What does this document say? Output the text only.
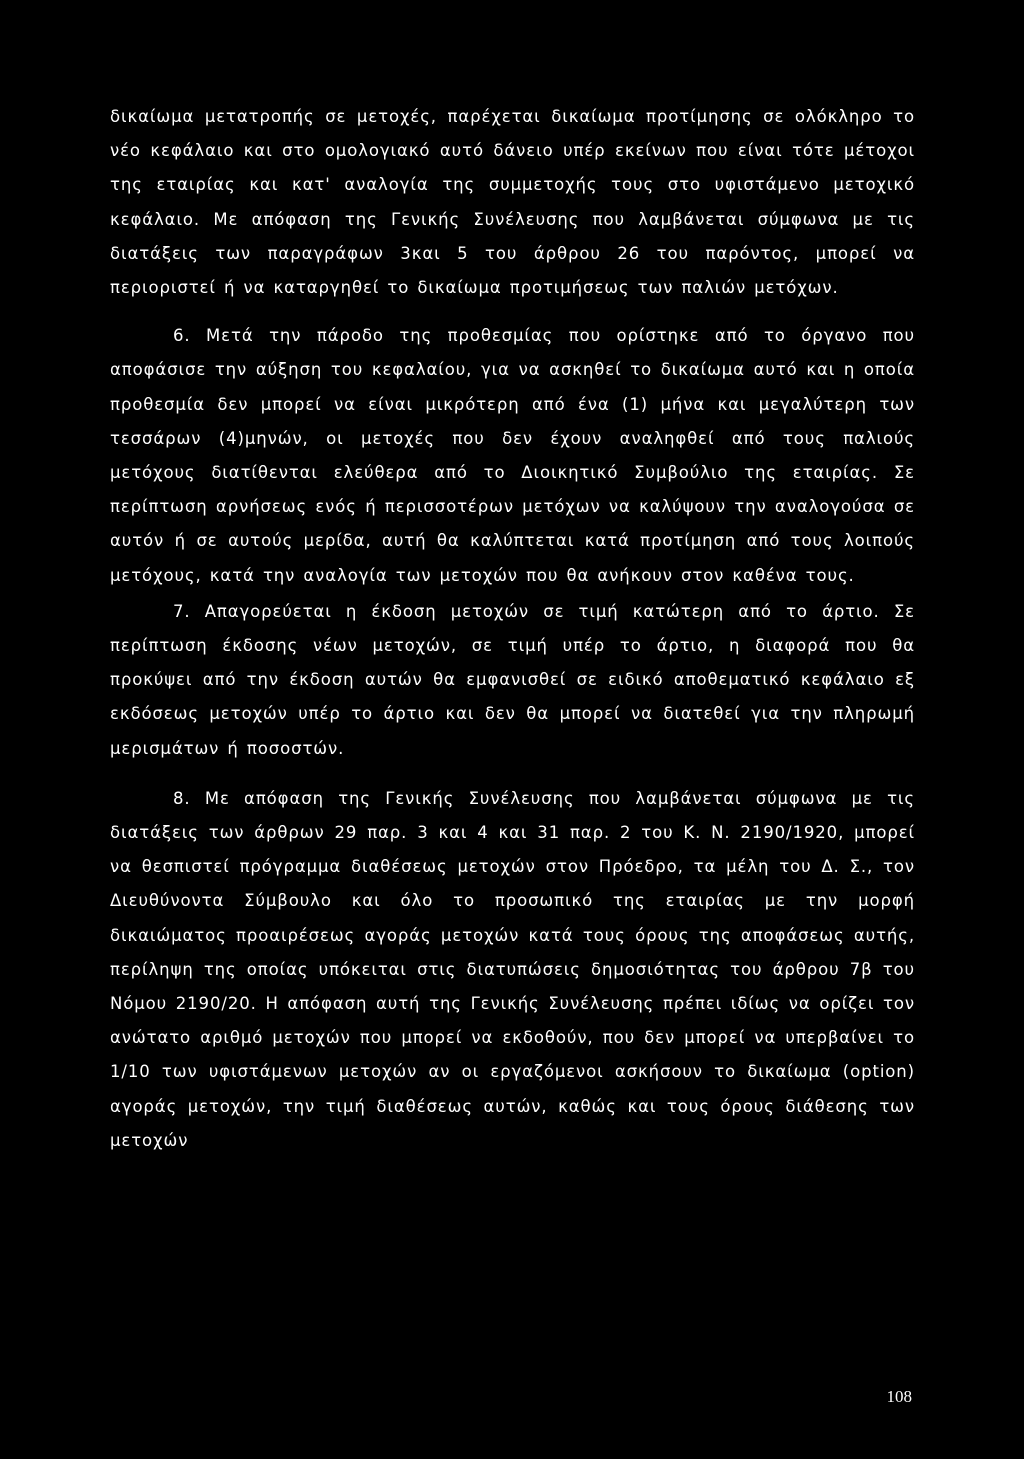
δικαίωμα μετατροπής σε μετοχές, παρέχεται δικαίωμα προτίμησης σε ολόκληρο το νέο κεφάλαιο και στο ομολογιακό αυτό δάνειο υπέρ εκείνων που είναι τότε μέτοχοι της εταιρίας και κατ' αναλογία της συμμετοχής τους στο υφιστάμενο μετοχικό κεφάλαιο. Με απόφαση της Γενικής Συνέλευσης που λαμβάνεται σύμφωνα με τις διατάξεις των παραγράφων 3και 5 του άρθρου 26 του παρόντος, μπορεί να περιοριστεί ή να καταργηθεί το δικαίωμα προτιμήσεως των παλιών μετόχων.

6. Μετά την πάροδο της προθεσμίας που ορίστηκε από το όργανο που αποφάσισε την αύξηση του κεφαλαίου, για να ασκηθεί το δικαίωμα αυτό και η οποία προθεσμία δεν μπορεί να είναι μικρότερη από ένα (1) μήνα και μεγαλύτερη των τεσσάρων (4)μηνών, οι μετοχές που δεν έχουν αναληφθεί από τους παλιούς μετόχους διατίθενται ελεύθερα από το Διοικητικό Συμβούλιο της εταιρίας. Σε περίπτωση αρνήσεως ενός ή περισσοτέρων μετόχων να καλύψουν την αναλογούσα σε αυτόν ή σε αυτούς μερίδα, αυτή θα καλύπτεται κατά προτίμηση από τους λοιπούς μετόχους, κατά την αναλογία των μετοχών που θα ανήκουν στον καθένα τους.

7. Απαγορεύεται η έκδοση μετοχών σε τιμή κατώτερη από το άρτιο. Σε περίπτωση έκδοσης νέων μετοχών, σε τιμή υπέρ το άρτιο, η διαφορά που θα προκύψει από την έκδοση αυτών θα εμφανισθεί σε ειδικό αποθεματικό κεφάλαιο εξ εκδόσεως μετοχών υπέρ το άρτιο και δεν θα μπορεί να διατεθεί για την πληρωμή μερισμάτων ή ποσοστών.

8. Με απόφαση της Γενικής Συνέλευσης που λαμβάνεται σύμφωνα με τις διατάξεις των άρθρων 29 παρ. 3 και 4 και 31 παρ. 2 του Κ. Ν. 2190/1920, μπορεί να θεσπιστεί πρόγραμμα διαθέσεως μετοχών στον Πρόεδρο, τα μέλη του Δ. Σ., τον Διευθύνοντα Σύμβουλο και όλο το προσωπικό της εταιρίας με την μορφή δικαιώματος προαιρέσεως αγοράς μετοχών κατά τους όρους της αποφάσεως αυτής, περίληψη της οποίας υπόκειται στις διατυπώσεις δημοσιότητας του άρθρου 7β του Νόμου 2190/20. Η απόφαση αυτή της Γενικής Συνέλευσης πρέπει ιδίως να ορίζει τον ανώτατο αριθμό μετοχών που μπορεί να εκδοθούν, που δεν μπορεί να υπερβαίνει το 1/10 των υφιστάμενων μετοχών αν οι εργαζόμενοι ασκήσουν το δικαίωμα (option) αγοράς μετοχών, την τιμή διαθέσεως αυτών, καθώς και τους όρους διάθεσης των μετοχών

108
